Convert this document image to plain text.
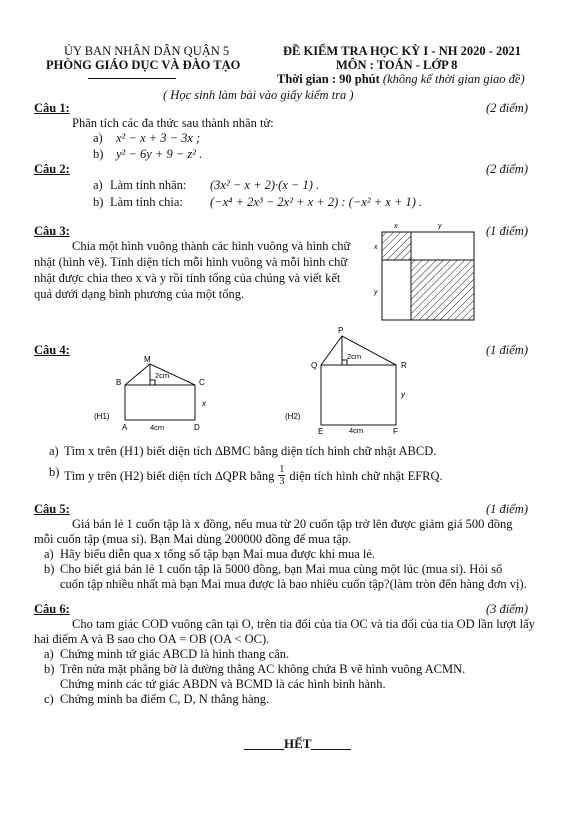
ỦY BAN NHÂN DÂN QUẬN 5
PHÒNG GIÁO DỤC VÀ ĐÀO TẠO
ĐỀ KIỂM TRA HỌC KỲ I - NH 2020 - 2021
MÔN : TOÁN - LỚP 8
Thời gian : 90 phút (không kể thời gian giao đề)
( Học sinh làm bài vào giấy kiểm tra )
Câu 1:	(2 điểm)
Phân tích các đa thức sau thành nhân tử:
a) x² − x + 3 − 3x ;
b) y² − 6y + 9 − z² .
Câu 2:	(2 điểm)
a) Làm tính nhân: (3x² − x + 2)·(x − 1) .
b) Làm tính chia: (−x⁴ + 2x³ − 2x² + x + 2) : (−x² + x + 1) .
Câu 3:	(1 điểm)
Chia một hình vuông thành các hình vuông và hình chữ
nhật (hình vẽ). Tính diện tích mỗi hình vuông và mỗi hình chữ
nhật được chia theo x và y rồi tính tổng của chúng và viết kết
quả dưới dạng bình phương của một tổng.
x	y
x
y
Câu 4:	(1 điểm)
M
B	C
A	D
2cm
4cm
x
(H1)
P
Q	R
E	F
2cm
4cm
y
(H2)
a) Tìm x trên (H1) biết diện tích ∆BMC bằng diện tích hình chữ nhật ABCD.
b) Tìm y trên (H2) biết diện tích ∆QPR bằng $\frac{1}{3}$ diện tích hình chữ nhật EFRQ.
Câu 5:	(1 điểm)
Giá bán lẻ 1 cuốn tập là x đồng, nếu mua từ 20 cuốn tập trở lên được giảm giá 500 đồng
mỗi cuốn tập (mua sỉ). Bạn Mai dùng 200000 đồng để mua tập.
a) Hãy biểu diễn qua x tổng số tập bạn Mai mua được khi mua lẻ.
b) Cho biết giá bán lẻ 1 cuốn tập là 5000 đồng, bạn Mai mua cùng một lúc (mua sỉ). Hỏi số
cuốn tập nhiều nhất mà bạn Mai mua được là bao nhiêu cuốn tập?(làm tròn đến hàng đơn vị).
Câu 6:	(3 điểm)
Cho tam giác COD vuông cân tại O, trên tia đối của tia OC và tia đối của tia OD lần lượt lấy
hai điểm A và B sao cho OA = OB (OA < OC).
a) Chứng minh tứ giác ABCD là hình thang cân.
b) Trên nửa mặt phẳng bờ là đường thẳng AC không chứa B vẽ hình vuông ACMN.
Chứng minh các tứ giác ABDN và BCMD là các hình bình hành.
c) Chứng minh ba điểm C, D, N thẳng hàng.
HẾT
